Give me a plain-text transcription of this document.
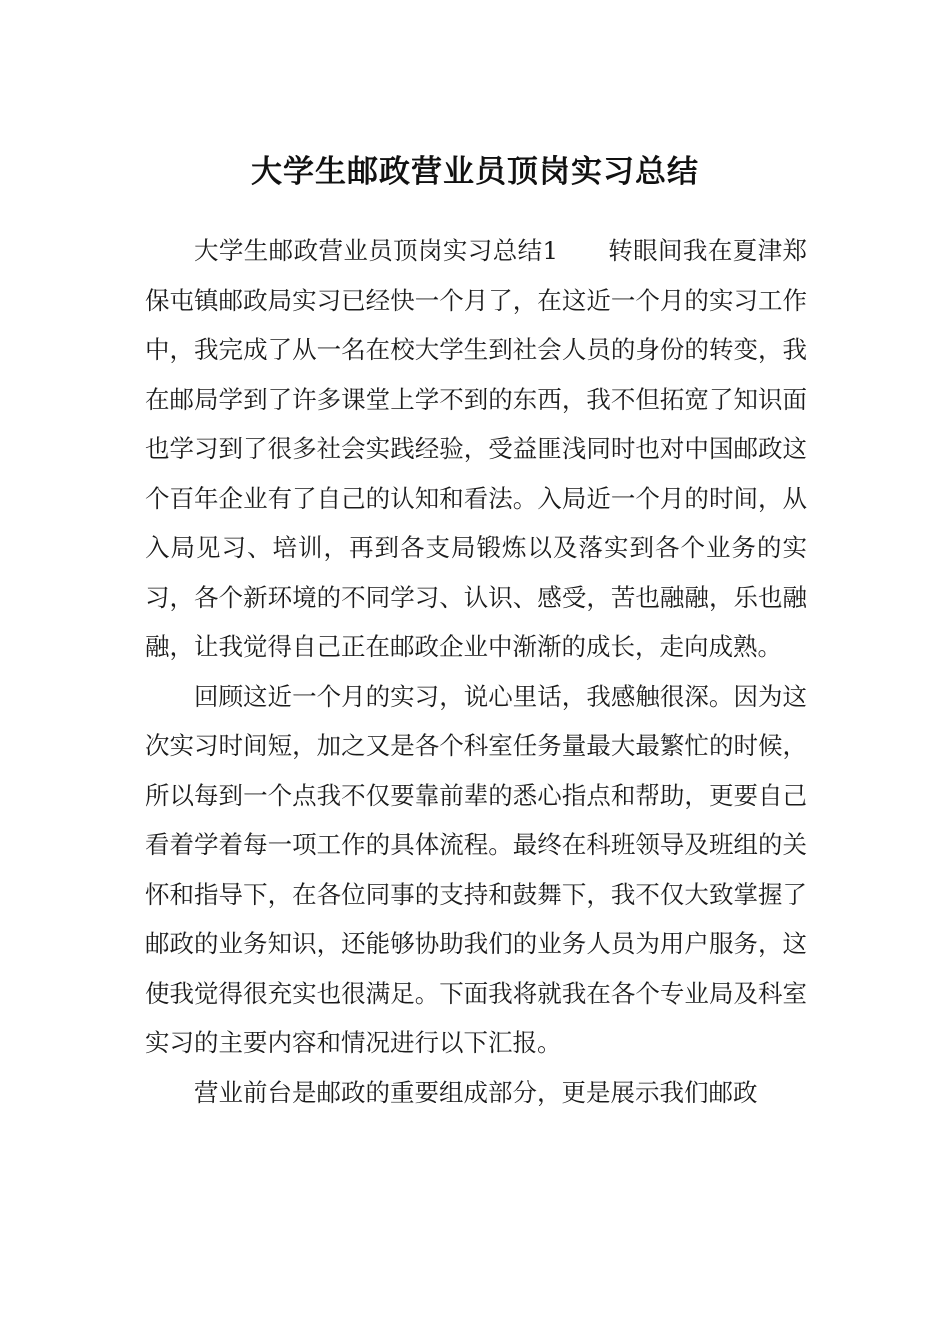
大学生邮政营业员顶岗实习总结

大学生邮政营业员顶岗实习总结1　　转眼间我在夏津郑保屯镇邮政局实习已经快一个月了，在这近一个月的实习工作中，我完成了从一名在校大学生到社会人员的身份的转变，我在邮局学到了许多课堂上学不到的东西，我不但拓宽了知识面也学习到了很多社会实践经验，受益匪浅同时也对中国邮政这个百年企业有了自己的认知和看法。入局近一个月的时间，从入局见习、培训，再到各支局锻炼以及落实到各个业务的实习，各个新环境的不同学习、认识、感受，苦也融融，乐也融融，让我觉得自己正在邮政企业中渐渐的成长，走向成熟。

回顾这近一个月的实习，说心里话，我感触很深。因为这次实习时间短，加之又是各个科室任务量最大最繁忙的时候，所以每到一个点我不仅要靠前辈的悉心指点和帮助，更要自己看着学着每一项工作的具体流程。最终在科班领导及班组的关怀和指导下，在各位同事的支持和鼓舞下，我不仅大致掌握了邮政的业务知识，还能够协助我们的业务人员为用户服务，这使我觉得很充实也很满足。下面我将就我在各个专业局及科室实习的主要内容和情况进行以下汇报。

营业前台是邮政的重要组成部分，更是展示我们邮政
